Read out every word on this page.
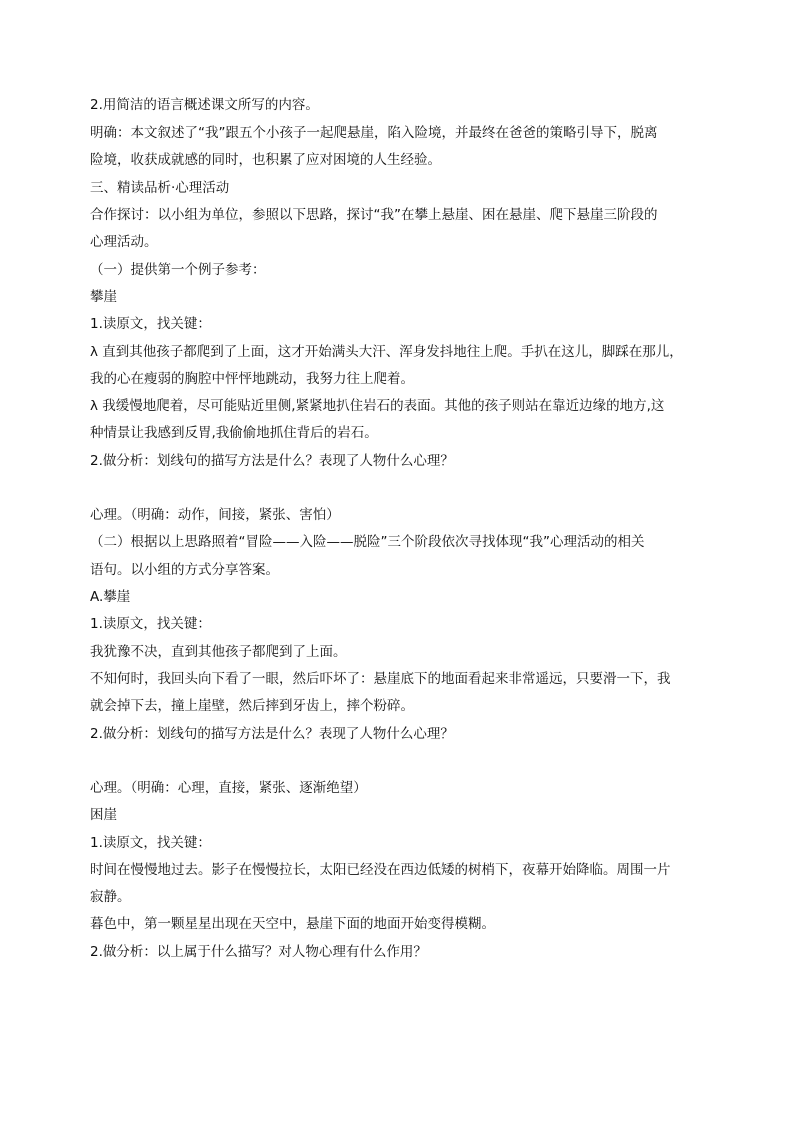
2.用简洁的语言概述课文所写的内容。
明确：本文叙述了“我”跟五个小孩子一起爬悬崖，陷入险境，并最终在爸爸的策略引导下，脱离
险境，收获成就感的同时，也积累了应对困境的人生经验。
三、精读品析·心理活动
合作探讨：以小组为单位，参照以下思路，探讨“我”在攀上悬崖、困在悬崖、爬下悬崖三阶段的
心理活动。
（一）提供第一个例子参考：
攀崖
1.读原文，找关键：
λ 直到其他孩子都爬到了上面，这才开始满头大汗、浑身发抖地往上爬。手扒在这儿，脚踩在那儿，
我的心在瘦弱的胸腔中怦怦地跳动，我努力往上爬着。
λ 我缓慢地爬着，尽可能贴近里侧,紧紧地扒住岩石的表面。其他的孩子则站在靠近边缘的地方,这
种情景让我感到反胃,我偷偷地抓住背后的岩石。
2.做分析：划线句的描写方法是什么？表现了人物什么心理？
心理。（明确：动作，间接，紧张、害怕）
（二）根据以上思路照着“冒险——入险——脱险”三个阶段依次寻找体现“我”心理活动的相关
语句。以小组的方式分享答案。
A.攀崖
1.读原文，找关键：
我犹豫不决，直到其他孩子都爬到了上面。
不知何时，我回头向下看了一眼，然后吓坏了：悬崖底下的地面看起来非常遥远，只要滑一下，我
就会掉下去，撞上崖壁，然后摔到牙齿上，摔个粉碎。
2.做分析：划线句的描写方法是什么？表现了人物什么心理？
心理。（明确：心理，直接，紧张、逐渐绝望）
困崖
1.读原文，找关键：
时间在慢慢地过去。影子在慢慢拉长，太阳已经没在西边低矮的树梢下，夜幕开始降临。周围一片
寂静。
暮色中，第一颗星星出现在天空中，悬崖下面的地面开始变得模糊。
2.做分析：以上属于什么描写？对人物心理有什么作用？
